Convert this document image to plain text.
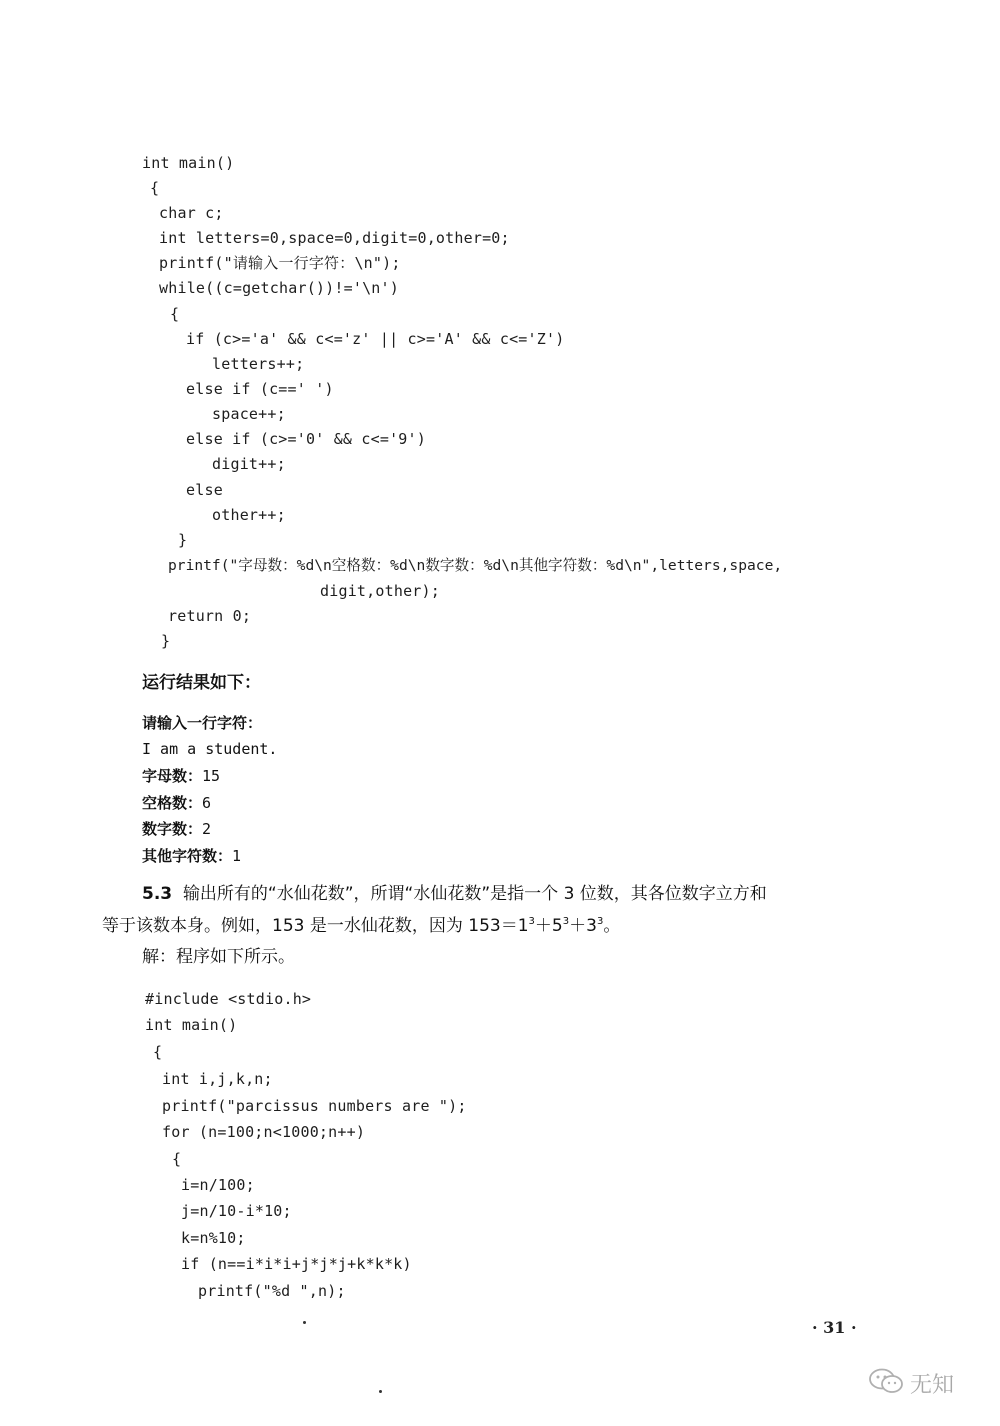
int main()
{
char c;
int letters=0,space=0,digit=0,other=0;
printf("请输入一行字符：\n");
while((c=getchar())!='\n')
{
if (c>='a' && c<='z' || c>='A' && c<='Z')
letters++;
else if (c==' ')
space++;
else if (c>='0' && c<='9')
digit++;
else
other++;
}
printf("字母数：%d\n空格数：%d\n数字数：%d\n其他字符数：%d\n",letters,space,
digit,other);
return 0;
}
运行结果如下：
请输入一行字符：
I am a student.
字母数：15
空格数：6
数字数：2
其他字符数：1
5.3 输出所有的“水仙花数”，所谓“水仙花数”是指一个 3 位数，其各位数字立方和
等于该数本身。例如，153 是一水仙花数，因为 $153=1^3+5^3+3^3$。
解：程序如下所示。
#include <stdio.h>
int main()
{
int i,j,k,n;
printf("parcissus numbers are ");
for (n=100;n<1000;n++)
{
i=n/100;
j=n/10-i*10;
k=n%10;
if (n==i*i*i+j*j*j+k*k*k)
printf("%d ",n);
· 31 ·
无知
